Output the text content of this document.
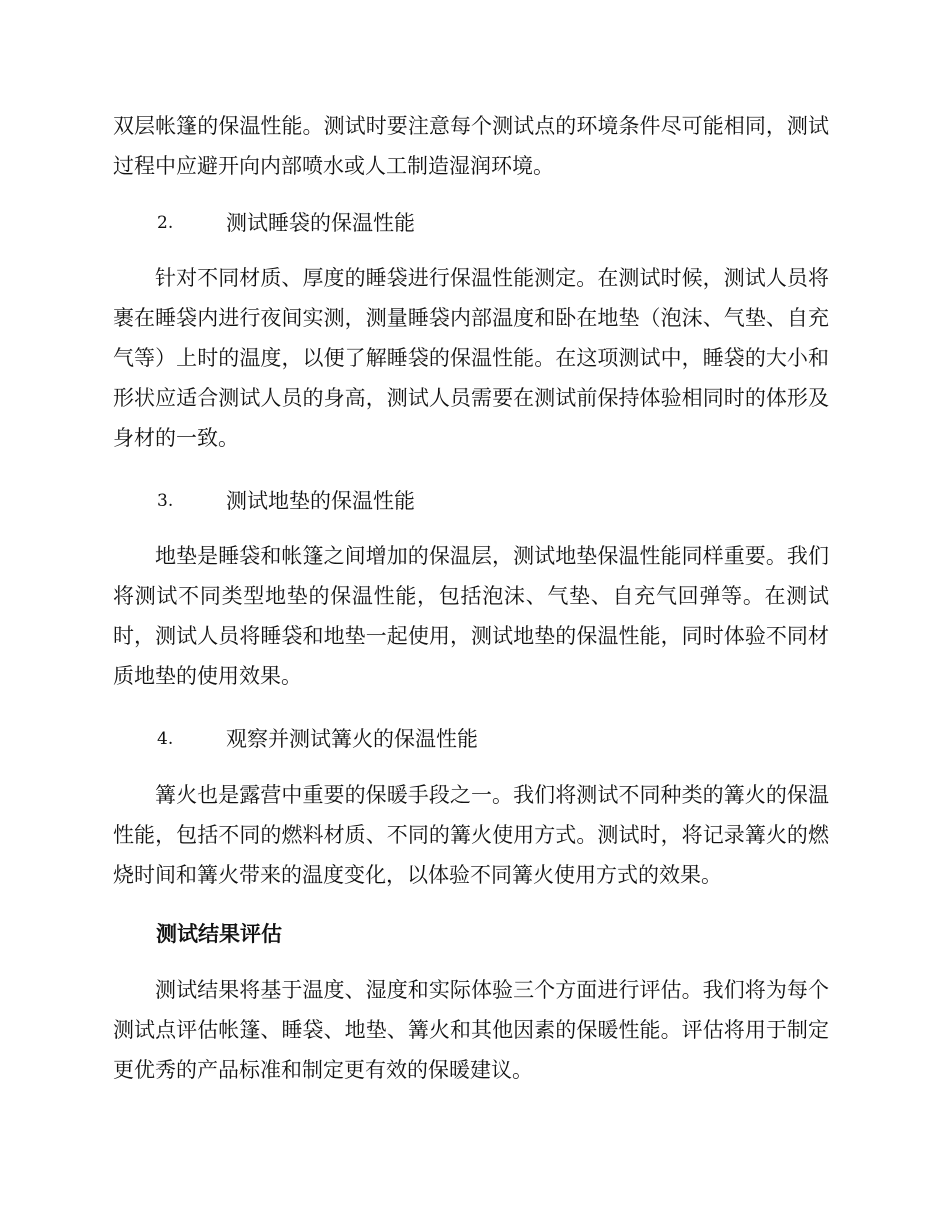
双层帐篷的保温性能。测试时要注意每个测试点的环境条件尽可能相同，测试过程中应避开向内部喷水或人工制造湿润环境。

2.	测试睡袋的保温性能

针对不同材质、厚度的睡袋进行保温性能测定。在测试时候，测试人员将裹在睡袋内进行夜间实测，测量睡袋内部温度和卧在地垫（泡沫、气垫、自充气等）上时的温度，以便了解睡袋的保温性能。在这项测试中，睡袋的大小和形状应适合测试人员的身高，测试人员需要在测试前保持体验相同时的体形及身材的一致。

3.	测试地垫的保温性能

地垫是睡袋和帐篷之间增加的保温层，测试地垫保温性能同样重要。我们将测试不同类型地垫的保温性能，包括泡沫、气垫、自充气回弹等。在测试时，测试人员将睡袋和地垫一起使用，测试地垫的保温性能，同时体验不同材质地垫的使用效果。

4.	观察并测试篝火的保温性能

篝火也是露营中重要的保暖手段之一。我们将测试不同种类的篝火的保温性能，包括不同的燃料材质、不同的篝火使用方式。测试时，将记录篝火的燃烧时间和篝火带来的温度变化，以体验不同篝火使用方式的效果。

测试结果评估

测试结果将基于温度、湿度和实际体验三个方面进行评估。我们将为每个测试点评估帐篷、睡袋、地垫、篝火和其他因素的保暖性能。评估将用于制定更优秀的产品标准和制定更有效的保暖建议。
